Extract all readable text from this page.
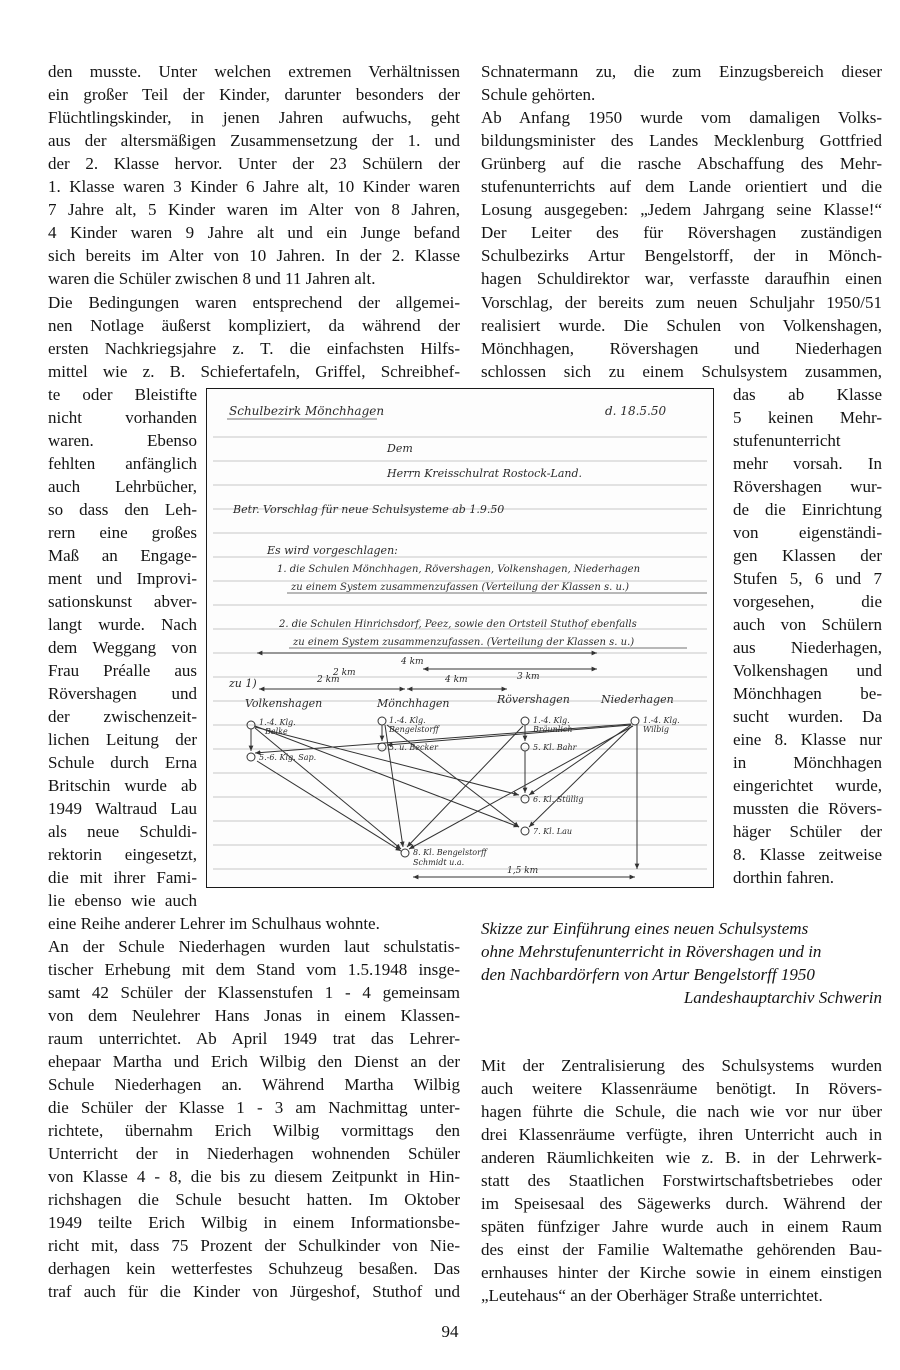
den musste. Unter welchen extremen Verhältnissen
ein großer Teil der Kinder, darunter besonders der
Flüchtlingskinder, in jenen Jahren aufwuchs, geht
aus der altersmäßigen Zusammensetzung der 1. und
der 2. Klasse hervor. Unter der 23 Schülern der
1. Klasse waren 3 Kinder 6 Jahre alt, 10 Kinder waren
7 Jahre alt, 5 Kinder waren im Alter von 8 Jahren,
4 Kinder waren 9 Jahre alt und ein Junge befand
sich bereits im Alter von 10 Jahren. In der 2. Klasse
waren die Schüler zwischen 8 und 11 Jahren alt.
Die Bedingungen waren entsprechend der allgemei-
nen Notlage äußerst kompliziert, da während der
ersten Nachkriegsjahre z. T. die einfachsten Hilfs-
mittel wie z. B. Schiefertafeln, Griffel, Schreibhef-
te oder Bleistifte
nicht vorhanden
waren. Ebenso
fehlten anfänglich
auch Lehrbücher,
so dass den Leh-
rern eine großes
Maß an Engage-
ment und Improvi-
sationskunst abver-
langt wurde. Nach
dem Weggang von
Frau Préalle aus
Rövershagen und
der zwischenzeit-
lichen Leitung der
Schule durch Erna
Britschin wurde ab
1949 Waltraud Lau
als neue Schuldi-
rektorin eingesetzt,
die mit ihrer Fami-
lie ebenso wie auch
eine Reihe anderer Lehrer im Schulhaus wohnte.
An der Schule Niederhagen wurden laut schulstatis-
tischer Erhebung mit dem Stand vom 1.5.1948 insge-
samt 42 Schüler der Klassenstufen 1 - 4 gemeinsam
von dem Neulehrer Hans Jonas in einem Klassen-
raum unterrichtet. Ab April 1949 trat das Lehrer-
ehepaar Martha und Erich Wilbig den Dienst an der
Schule Niederhagen an. Während Martha Wilbig
die Schüler der Klasse 1 - 3 am Nachmittag unter-
richtete, übernahm Erich Wilbig vormittags den
Unterricht der in Niederhagen wohnenden Schüler
von Klasse 4 - 8, die bis zu diesem Zeitpunkt in Hin-
richshagen die Schule besucht hatten. Im Oktober
1949 teilte Erich Wilbig in einem Informationsbe-
richt mit, dass 75 Prozent der Schulkinder von Nie-
derhagen kein wetterfestes Schuhzeug besaßen. Das
traf auch für die Kinder von Jürgeshof, Stuthof und
Schnatermann zu, die zum Einzugsbereich dieser
Schule gehörten.
Ab Anfang 1950 wurde vom damaligen Volks-
bildungsminister des Landes Mecklenburg Gottfried
Grünberg auf die rasche Abschaffung des Mehr-
stufenunterrichts auf dem Lande orientiert und die
Losung ausgegeben: „Jedem Jahrgang seine Klasse!“
Der Leiter des für Rövershagen zuständigen
Schulbezirks Artur Bengelstorff, der in Mönch-
hagen Schuldirektor war, verfasste daraufhin einen
Vorschlag, der bereits zum neuen Schuljahr 1950/51
realisiert wurde. Die Schulen von Volkenshagen,
Mönchhagen, Rövershagen und Niederhagen
schlossen sich zu einem Schulsystem zusammen,
das ab Klasse
5 keinen Mehr-
stufenunterricht
mehr vorsah. In
Rövershagen wur-
de die Einrichtung
von eigenständi-
gen Klassen der
Stufen 5, 6 und 7
vorgesehen, die
auch von Schülern
aus Niederhagen,
Volkenshagen und
Mönchhagen be-
sucht wurden. Da
eine 8. Klasse nur
in Mönchhagen
eingerichtet wurde,
mussten die Rövers-
häger Schüler der
8. Klasse zeitweise
dorthin fahren.
Skizze zur Einführung eines neuen Schulsystems
ohne Mehrstufenunterricht in Rövershagen und in
den Nachbardörfern von Artur Bengelstorff 1950
Landeshauptarchiv Schwerin
Mit der Zentralisierung des Schulsystems wurden
auch weitere Klassenräume benötigt. In Rövers-
hagen führte die Schule, die nach wie vor nur über
drei Klassenräume verfügte, ihren Unterricht auch in
anderen Räumlichkeiten wie z. B. in der Lehrwerk-
statt des Staatlichen Forstwirtschaftsbetriebes oder
im Speisesaal des Sägewerks durch. Während der
späten fünfziger Jahre wurde auch in einem Raum
des einst der Familie Waltemathe gehörenden Bau-
ernhauses hinter der Kirche sowie in einem einstigen
„Leutehaus“ an der Oberhäger Straße unterrichtet.
Schulbezirk Mönchhagen	d. 18.5.50
Dem
Herrn Kreisschulrat Rostock-Land.
Betr. Vorschlag für neue Schulsysteme ab 1.9.50
Es wird vorgeschlagen:
1. die Schulen Mönchhagen, Rövershagen, Volkenshagen, Niederhagen
zu einem System zusammenzufassen (Verteilung der Klassen s. u.)
2. die Schulen Hinrichsdorf, Peez, sowie den Ortsteil Stuthof ebenfalls
zu einem System zusammenzufassen. (Verteilung der Klassen s. u.)
zu 1)
4 km
2 km	4 km	3 km
Volkenshagen	Mönchhagen	Rövershagen	Niederhagen
1.-4. Klg.
Balke
5.-6. Klg. Sap.
1.-4. Klg.
Bengelstorff
5. u. Becker
1.-4. Klg.
Bräunlich
5. Kl. Bahr
6. Kl. Stüllig
7. Kl. Lau
1.-4. Klg.
Wilbig
8. Kl. Bengelstorff
Schmidt u.a.
1,5 km
2 km
94
